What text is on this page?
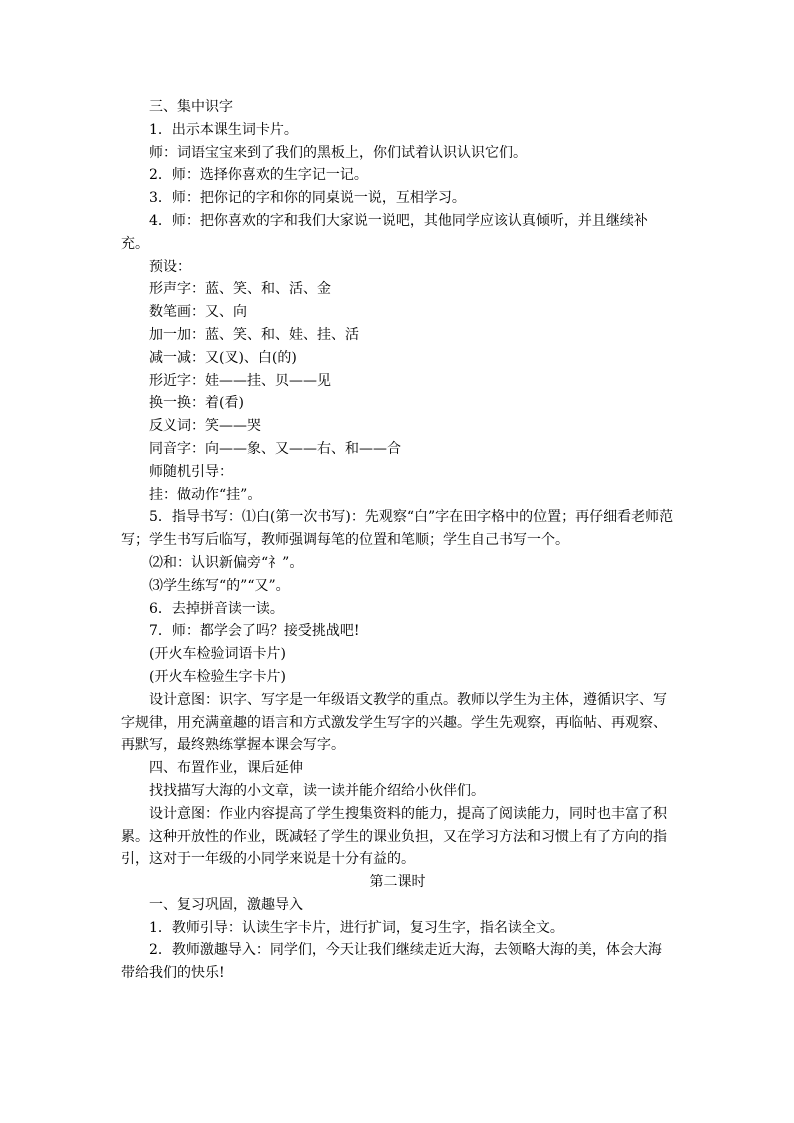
三、集中识字

1．出示本课生词卡片。

师：词语宝宝来到了我们的黑板上，你们试着认识认识它们。

2．师：选择你喜欢的生字记一记。

3．师：把你记的字和你的同桌说一说，互相学习。

4．师：把你喜欢的字和我们大家说一说吧，其他同学应该认真倾听，并且继续补充。

预设：

形声字：蓝、笑、和、活、金

数笔画：又、向

加一加：蓝、笑、和、娃、挂、活

减一减：又(叉)、白(的)

形近字：娃——挂、贝——见

换一换：着(看)

反义词：笑——哭

同音字：向——象、又——右、和——合

师随机引导：

挂：做动作“挂”。

5．指导书写：⑴白(第一次书写)：先观察“白”字在田字格中的位置；再仔细看老师范写；学生书写后临写，教师强调每笔的位置和笔顺；学生自己书写一个。

⑵和：认识新偏旁“礻”。

⑶学生练写“的”“又”。

6．去掉拼音读一读。

7．师：都学会了吗？接受挑战吧!

(开火车检验词语卡片)

(开火车检验生字卡片)

设计意图：识字、写字是一年级语文教学的重点。教师以学生为主体，遵循识字、写字规律，用充满童趣的语言和方式激发学生写字的兴趣。学生先观察，再临帖、再观察、再默写，最终熟练掌握本课会写字。

四、布置作业，课后延伸

找找描写大海的小文章，读一读并能介绍给小伙伴们。

设计意图：作业内容提高了学生搜集资料的能力，提高了阅读能力，同时也丰富了积累。这种开放性的作业，既减轻了学生的课业负担，又在学习方法和习惯上有了方向的指引，这对于一年级的小同学来说是十分有益的。

第二课时

一、复习巩固，激趣导入

1．教师引导：认读生字卡片，进行扩词，复习生字，指名读全文。

2．教师激趣导入：同学们，今天让我们继续走近大海，去领略大海的美，体会大海带给我们的快乐!
